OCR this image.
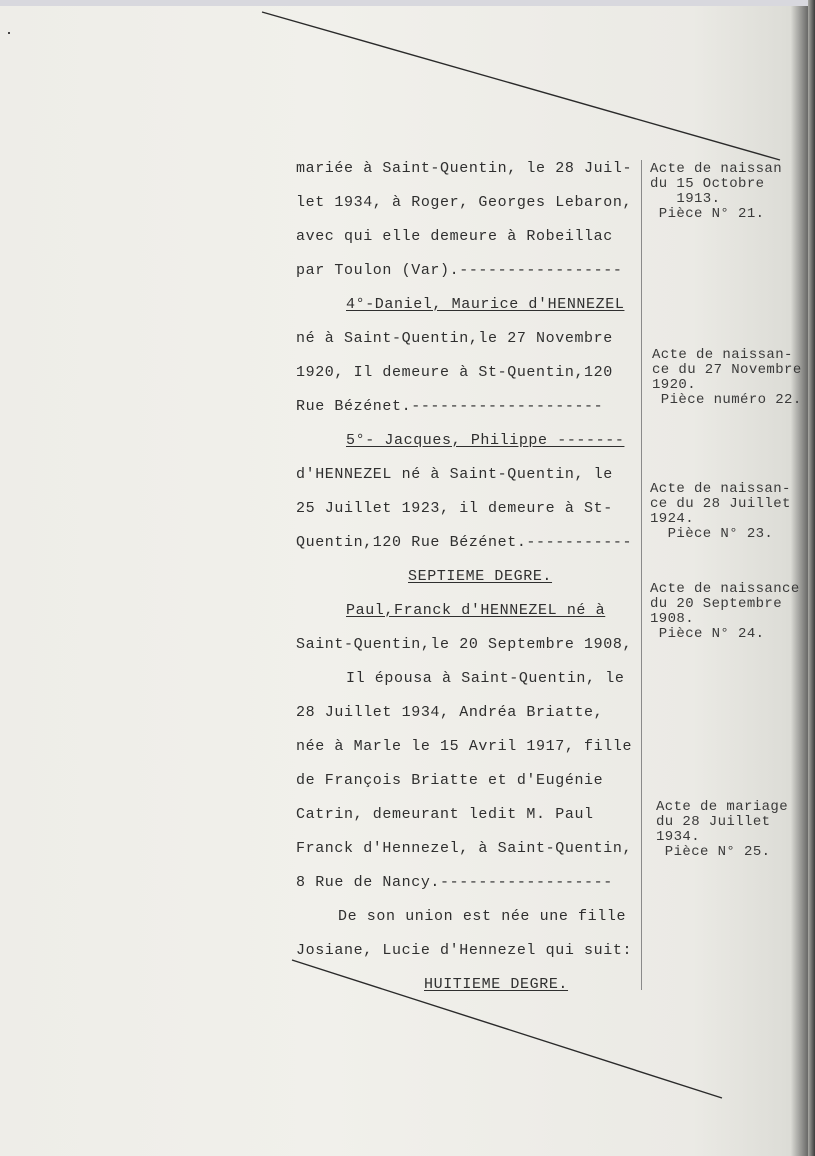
mariée à Saint-Quentin, le 28 Juil-
let 1934, à Roger, Georges Lebaron,
avec qui elle demeure à Robeillac
par Toulon (Var).-----------------
4°-Daniel, Maurice d'HENNEZEL
né à Saint-Quentin,le 27 Novembre
1920, Il demeure à St-Quentin,120
Rue Bézénet.--------------------
5°- Jacques, Philippe -------
d'HENNEZEL né à Saint-Quentin, le
25 Juillet 1923, il demeure à St-
Quentin,120 Rue Bézénet.-----------
SEPTIEME DEGRE.
Paul,Franck d'HENNEZEL né à
Saint-Quentin,le 20 Septembre 1908,
Il épousa à Saint-Quentin, le
28 Juillet 1934, Andréa Briatte,
née à Marle le 15 Avril 1917, fille
de François Briatte et d'Eugénie
Catrin, demeurant ledit M. Paul
Franck d'Hennezel, à Saint-Quentin,
8 Rue de Nancy.------------------
De son union est née une fille
Josiane, Lucie d'Hennezel qui suit:
HUITIEME DEGRE.
Acte de naissan
du 15 Octobre
1913.
Pièce N° 21.
Acte de naissan-
ce du 27 Novembre
1920.
Pièce numéro 22.
Acte de naissan-
ce du 28 Juillet
1924.
Pièce N° 23.
Acte de naissance
du 20 Septembre
1908.
Pièce N° 24.
Acte de mariage
du 28 Juillet
1934.
Pièce N° 25.
